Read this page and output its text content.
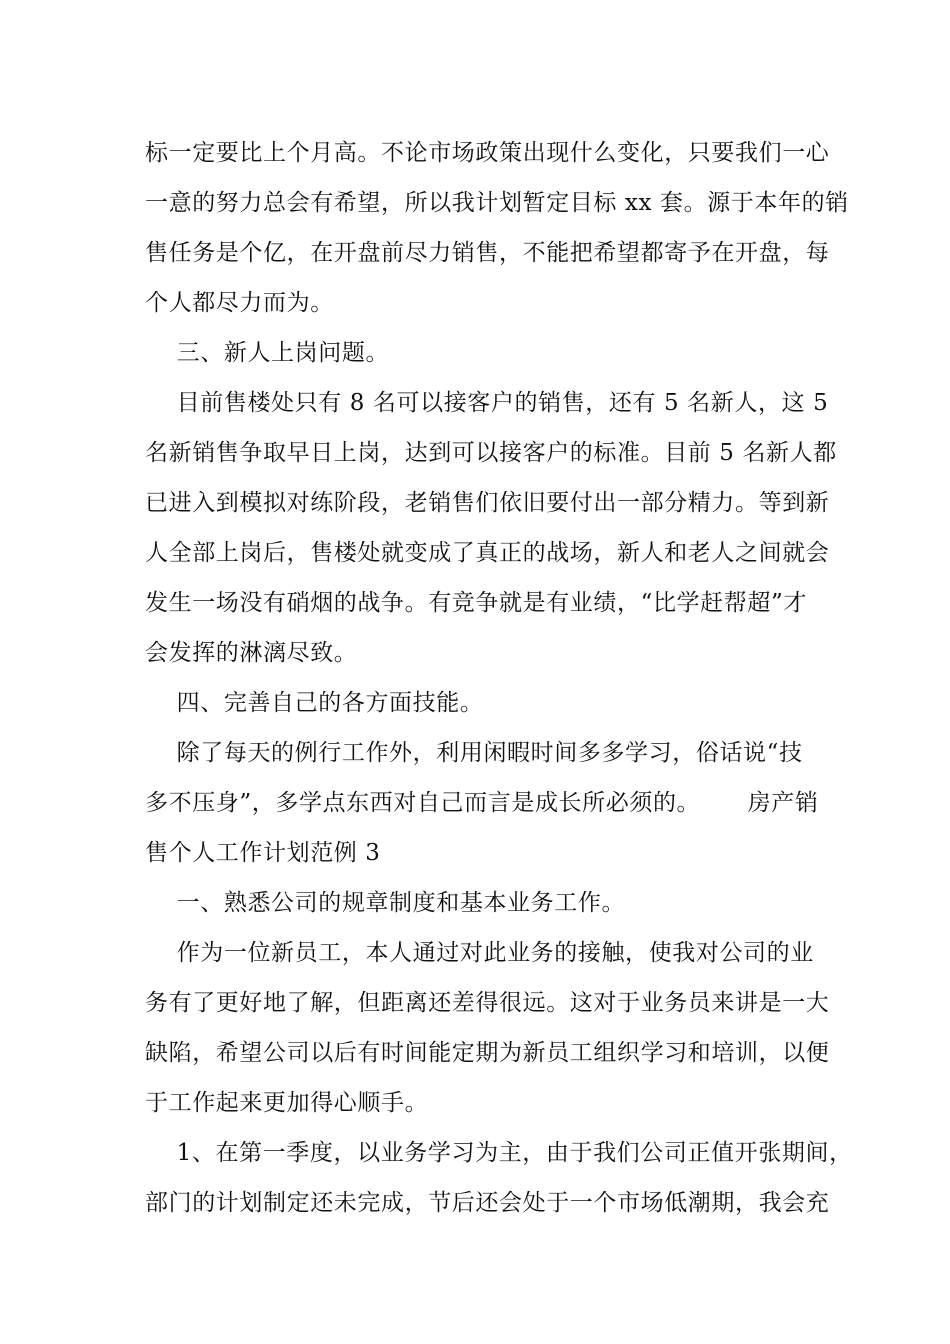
标一定要比上个月高。不论市场政策出现什么变化，只要我们一心
一意的努力总会有希望，所以我计划暂定目标 xx 套。源于本年的销
售任务是个亿，在开盘前尽力销售，不能把希望都寄予在开盘，每
个人都尽力而为。
三、新人上岗问题。
目前售楼处只有 8 名可以接客户的销售，还有 5 名新人，这 5
名新销售争取早日上岗，达到可以接客户的标准。目前 5 名新人都
已进入到模拟对练阶段，老销售们依旧要付出一部分精力。等到新
人全部上岗后，售楼处就变成了真正的战场，新人和老人之间就会
发生一场没有硝烟的战争。有竞争就是有业绩，“比学赶帮超”才
会发挥的淋漓尽致。
四、完善自己的各方面技能。
除了每天的例行工作外，利用闲暇时间多多学习，俗话说“技
多不压身”，多学点东西对自己而言是成长所必须的。      房产销
售个人工作计划范例 3
一、熟悉公司的规章制度和基本业务工作。
作为一位新员工，本人通过对此业务的接触，使我对公司的业
务有了更好地了解，但距离还差得很远。这对于业务员来讲是一大
缺陷，希望公司以后有时间能定期为新员工组织学习和培训，以便
于工作起来更加得心顺手。
1、在第一季度，以业务学习为主，由于我们公司正值开张期间，
部门的计划制定还未完成，节后还会处于一个市场低潮期，我会充
